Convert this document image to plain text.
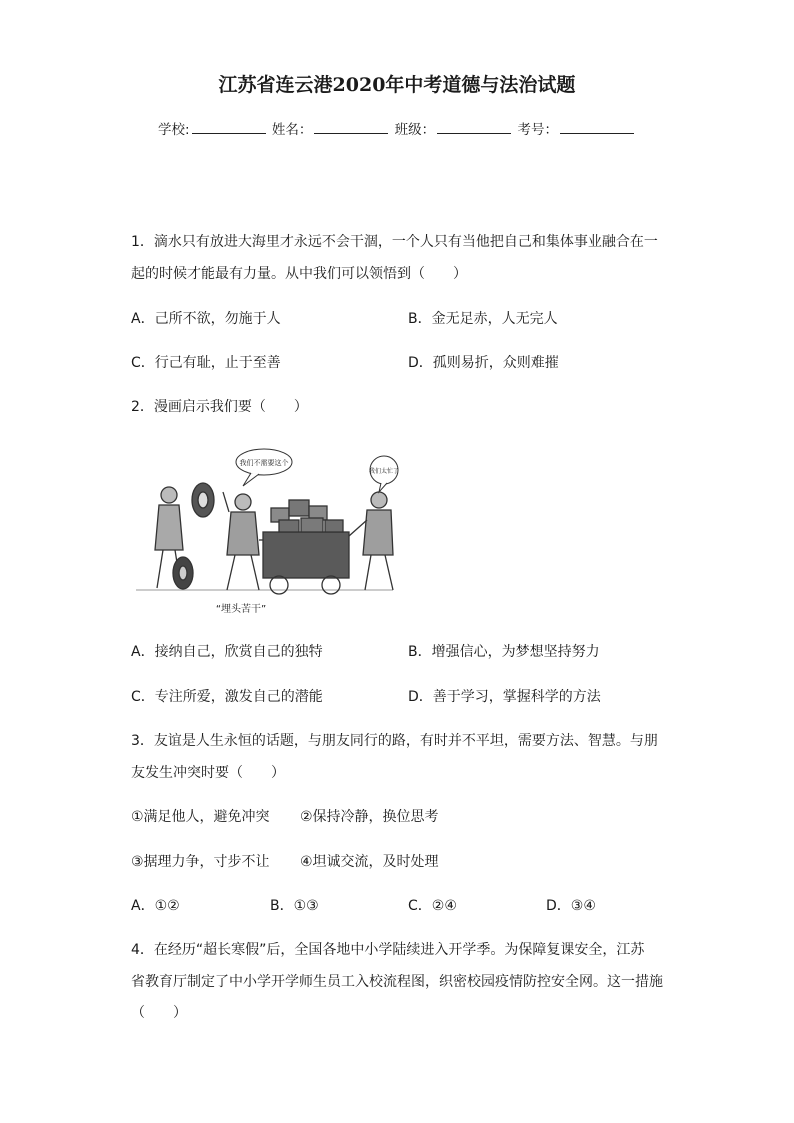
江苏省连云港2020年中考道德与法治试题
学校:	姓名：	班级：	考号：
1．滴水只有放进大海里才永远不会干涸，一个人只有当他把自己和集体事业融合在一
起的时候才能最有力量。从中我们可以领悟到（　　）
A．己所不欲，勿施于人	B．金无足赤，人无完人
C．行己有耻，止于至善	D．孤则易折，众则难摧
2．漫画启示我们要（　　）
我们不需要这个
我们太忙了
“埋头苦干”
A．接纳自己，欣赏自己的独特	B．增强信心，为梦想坚持努力
C．专注所爱，激发自己的潜能	D．善于学习，掌握科学的方法
3．友谊是人生永恒的话题，与朋友同行的路，有时并不平坦，需要方法、智慧。与朋
友发生冲突时要（　　）
①满足他人，避免冲突 ②保持冷静，换位思考
③据理力争，寸步不让 ④坦诚交流，及时处理
A．①②	B．①③	C．②④	D．③④
4．在经历“超长寒假”后，全国各地中小学陆续进入开学季。为保障复课安全，江苏
省教育厅制定了中小学开学师生员工入校流程图，织密校园疫情防控安全网。这一措施
（　　）
